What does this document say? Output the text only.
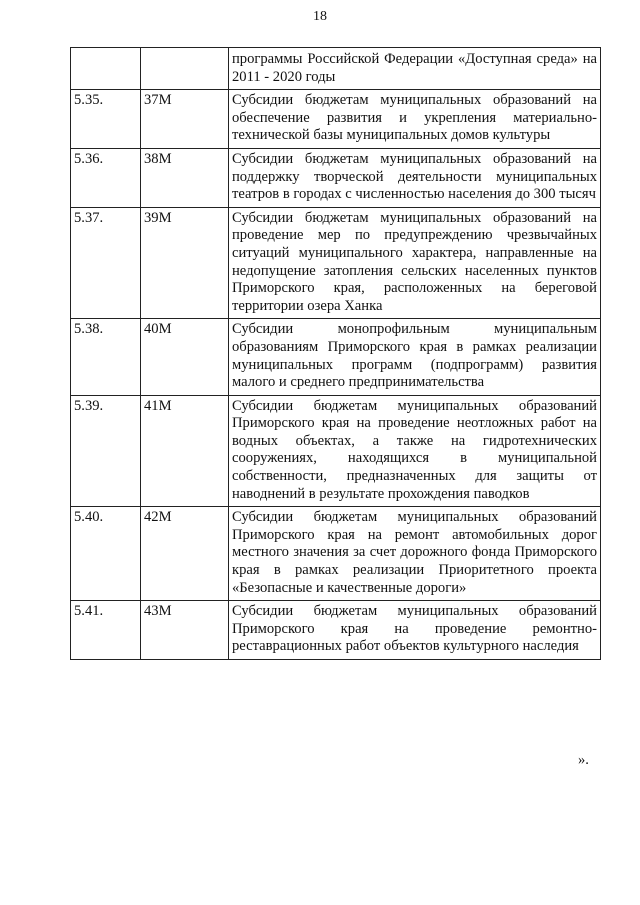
18
		программы Российской Федерации «Доступная среда» на 2011 - 2020 годы
5.35.	37М	Субсидии бюджетам муниципальных образований на обеспечение развития и укрепления материально-технической базы муниципальных домов культуры
5.36.	38М	Субсидии бюджетам муниципальных образований на поддержку творческой деятельности муниципальных театров в городах с численностью населения до 300 тысяч
5.37.	39М	Субсидии бюджетам муниципальных образований на проведение мер по предупреждению чрезвычайных ситуаций муниципального характера, направленные на недопущение затопления сельских населенных пунктов Приморского края, расположенных на береговой территории озера Ханка
5.38.	40М	Субсидии монопрофильным муниципальным образованиям Приморского края в рамках реализации муниципальных программ (подпрограмм) развития малого и среднего предпринимательства
5.39.	41М	Субсидии бюджетам муниципальных образований Приморского края на проведение неотложных работ на водных объектах, а также на гидротехнических сооружениях, находящихся в муниципальной собственности, предназначенных для защиты от наводнений в результате прохождения паводков
5.40.	42М	Субсидии бюджетам муниципальных образований Приморского края на ремонт автомобильных дорог местного значения за счет дорожного фонда Приморского края в рамках реализации Приоритетного проекта «Безопасные и качественные дороги»
5.41.	43М	Субсидии бюджетам муниципальных образований Приморского края на проведение ремонтно-реставрационных работ объектов культурного наследия
».
